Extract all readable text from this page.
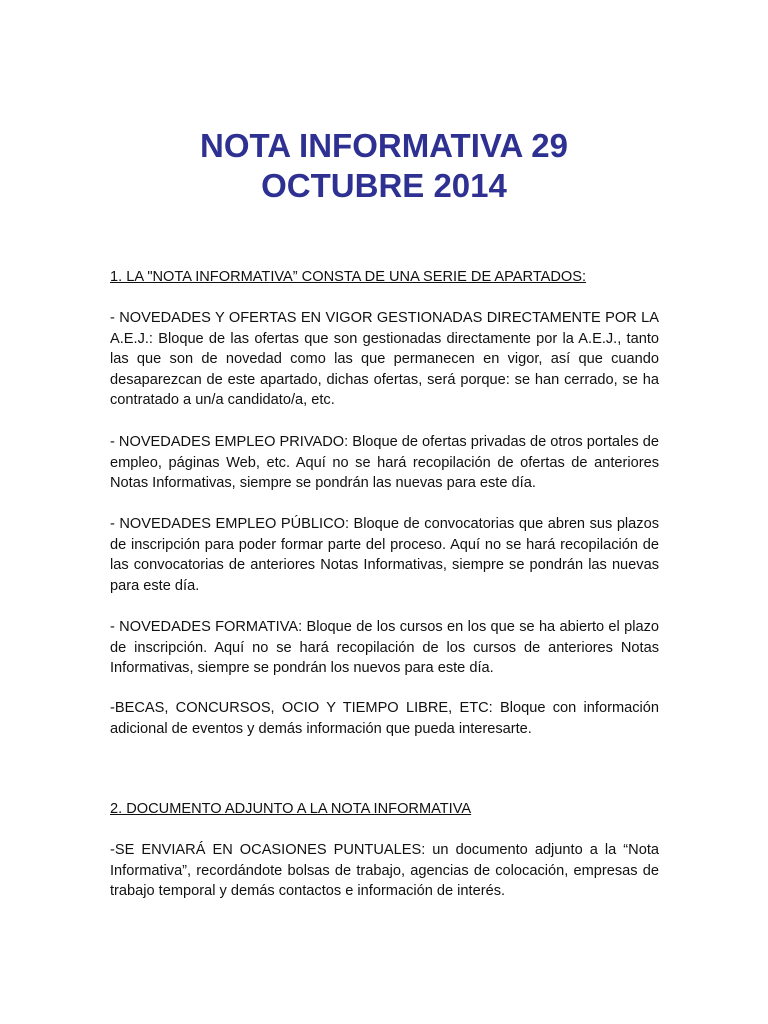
NOTA INFORMATIVA 29
OCTUBRE 2014

1. LA "NOTA INFORMATIVA” CONSTA DE UNA SERIE DE APARTADOS:

- NOVEDADES Y OFERTAS EN VIGOR GESTIONADAS DIRECTAMENTE POR LA A.E.J.: Bloque de las ofertas que son gestionadas directamente por la A.E.J., tanto las que son de novedad como las que permanecen en vigor, así que cuando desaparezcan de este apartado, dichas ofertas, será porque: se han cerrado, se ha contratado a un/a candidato/a, etc.

- NOVEDADES EMPLEO PRIVADO: Bloque de ofertas privadas de otros portales de empleo, páginas Web, etc. Aquí no se hará recopilación de ofertas de anteriores Notas Informativas, siempre se pondrán las nuevas para este día.

- NOVEDADES EMPLEO PÚBLICO: Bloque de convocatorias que abren sus plazos de inscripción para poder formar parte del proceso. Aquí no se hará recopilación de las convocatorias de anteriores Notas Informativas, siempre se pondrán las nuevas para este día.

- NOVEDADES FORMATIVA: Bloque de los cursos en los que se ha abierto el plazo de inscripción. Aquí no se hará recopilación de los cursos de anteriores Notas Informativas, siempre se pondrán los nuevos para este día.

-BECAS, CONCURSOS, OCIO Y TIEMPO LIBRE, ETC: Bloque con información adicional de eventos y demás información que pueda interesarte.

2. DOCUMENTO ADJUNTO A LA NOTA INFORMATIVA

-SE ENVIARÁ EN OCASIONES PUNTUALES: un documento adjunto a la “Nota Informativa”, recordándote bolsas de trabajo, agencias de colocación, empresas de trabajo temporal y demás contactos e información de interés.
